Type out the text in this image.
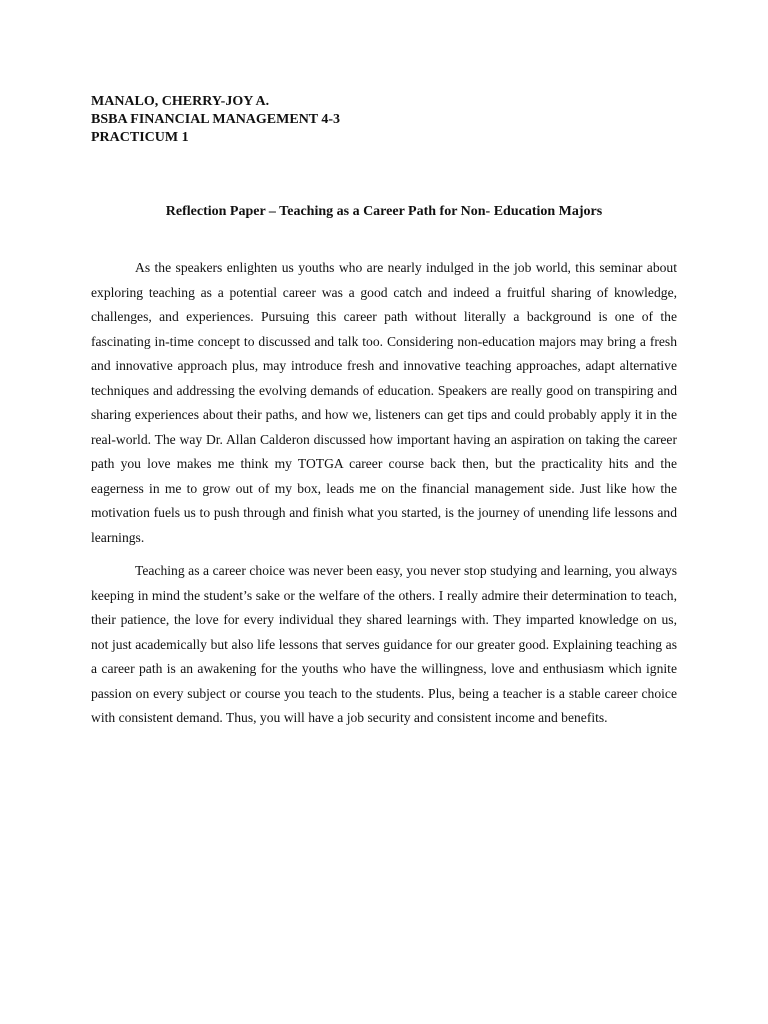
MANALO, CHERRY-JOY A.
BSBA FINANCIAL MANAGEMENT 4-3
PRACTICUM 1
Reflection Paper – Teaching as a Career Path for Non- Education Majors

As the speakers enlighten us youths who are nearly indulged in the job world, this seminar about exploring teaching as a potential career was a good catch and indeed a fruitful sharing of knowledge, challenges, and experiences. Pursuing this career path without literally a background is one of the fascinating in-time concept to discussed and talk too. Considering non-education majors may bring a fresh and innovative approach plus, may introduce fresh and innovative teaching approaches, adapt alternative techniques and addressing the evolving demands of education. Speakers are really good on transpiring and sharing experiences about their paths, and how we, listeners can get tips and could probably apply it in the real-world. The way Dr. Allan Calderon discussed how important having an aspiration on taking the career path you love makes me think my TOTGA career course back then, but the practicality hits and the eagerness in me to grow out of my box, leads me on the financial management side. Just like how the motivation fuels us to push through and finish what you started, is the journey of unending life lessons and learnings.

Teaching as a career choice was never been easy, you never stop studying and learning, you always keeping in mind the student’s sake or the welfare of the others. I really admire their determination to teach, their patience, the love for every individual they shared learnings with. They imparted knowledge on us, not just academically but also life lessons that serves guidance for our greater good. Explaining teaching as a career path is an awakening for the youths who have the willingness, love and enthusiasm which ignite passion on every subject or course you teach to the students. Plus, being a teacher is a stable career choice with consistent demand. Thus, you will have a job security and consistent income and benefits.
